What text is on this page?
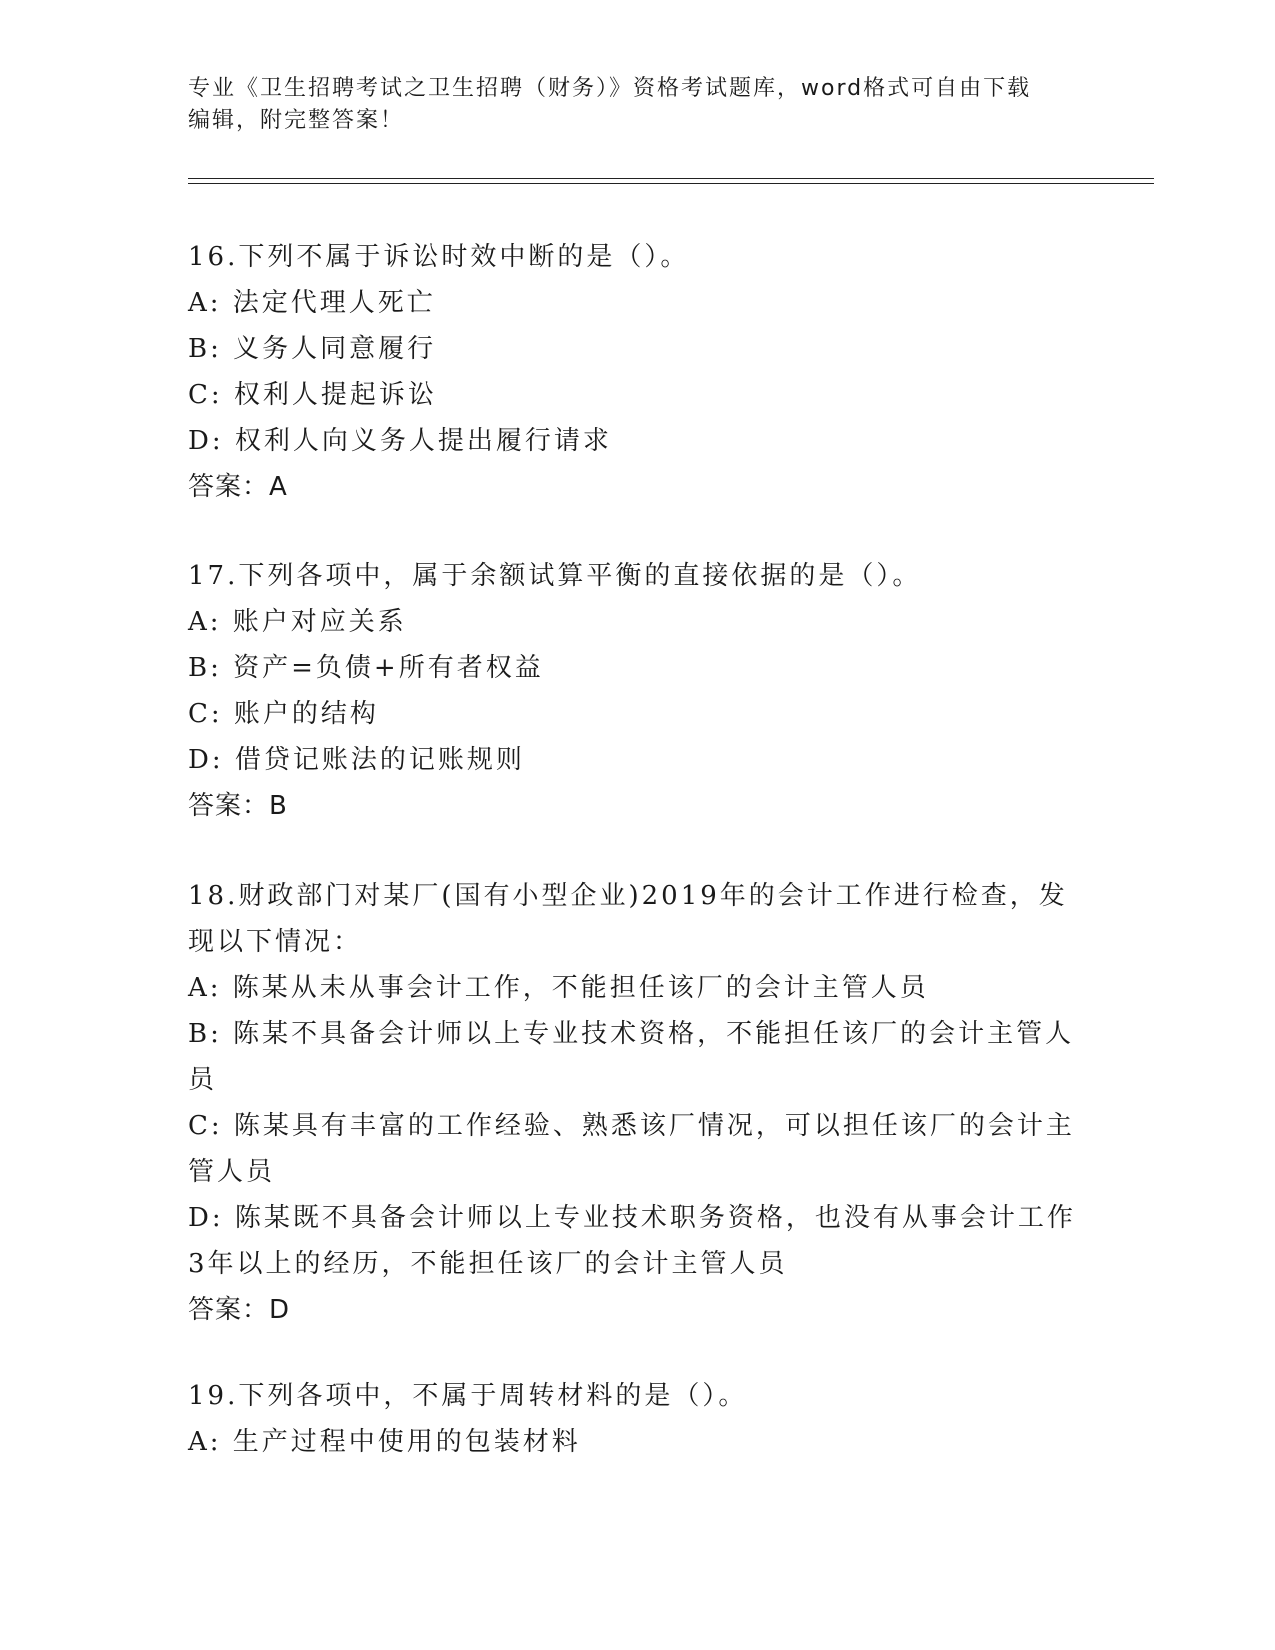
专业《卫生招聘考试之卫生招聘（财务）》资格考试题库，word格式可自由下载
编辑，附完整答案！

16.下列不属于诉讼时效中断的是（）。

A: 法定代理人死亡

B: 义务人同意履行

C: 权利人提起诉讼

D: 权利人向义务人提出履行请求

答案：A

17.下列各项中，属于余额试算平衡的直接依据的是（）。

A: 账户对应关系

B: 资产=负债+所有者权益

C: 账户的结构

D: 借贷记账法的记账规则

答案：B

18.财政部门对某厂(国有小型企业)2019年的会计工作进行检查，发现以下情况：

A: 陈某从未从事会计工作，不能担任该厂的会计主管人员

B: 陈某不具备会计师以上专业技术资格，不能担任该厂的会计主管人员

C: 陈某具有丰富的工作经验、熟悉该厂情况，可以担任该厂的会计主管人员

D: 陈某既不具备会计师以上专业技术职务资格，也没有从事会计工作3年以上的经历，不能担任该厂的会计主管人员

答案：D

19.下列各项中，不属于周转材料的是（）。

A: 生产过程中使用的包装材料
